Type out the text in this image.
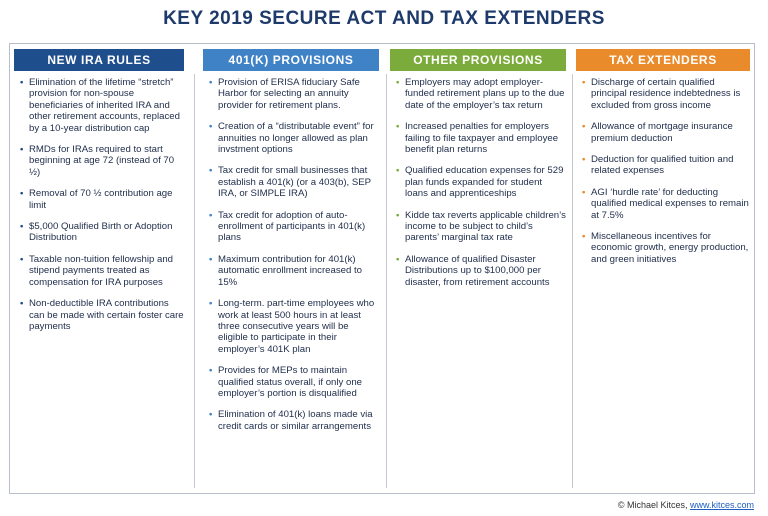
KEY 2019 SECURE ACT AND TAX EXTENDERS
NEW IRA RULES
• Elimination of the lifetime “stretch” provision for non-spouse beneficiaries of inherited IRA and other retirement accounts, replaced by a 10-year distribution cap
• RMDs for IRAs required to start beginning at age 72 (instead of 70 ½)
• Removal of 70 ½ contribution age limit
• $5,000 Qualified Birth or Adoption Distribution
• Taxable non-tuition fellowship and stipend payments treated as compensation for IRA purposes
• Non-deductible IRA contributions can be made with certain foster care payments
401(K) PROVISIONS
• Provision of ERISA fiduciary Safe Harbor for selecting an annuity provider for retirement plans.
• Creation of a “distributable event” for annuities no longer allowed as plan invstment options
• Tax credit for small businesses that establish a 401(k) (or a 403(b), SEP IRA, or SIMPLE IRA)
• Tax credit for adoption of auto-enrollment of participants in 401(k) plans
• Maximum contribution for 401(k) automatic enrollment increased to 15%
• Long-term. part-time employees who work at least 500 hours in at least three consecutive years will be eligible to participate in their employer’s 401K plan
• Provides for MEPs to maintain qualified status overall, if only one employer’s portion is disqualified
• Elimination of 401(k) loans made via credit cards or similar arrangements
OTHER PROVISIONS
• Employers may adopt employer-funded retirement plans up to the due date of the employer’s tax return
• Increased penalties for employers failing to file taxpayer and employee benefit plan returns
• Qualified education expenses for 529 plan funds expanded for student loans and apprenticeships
• Kidde tax reverts applicable children’s income to be subject to child’s parents’ marginal tax rate
• Allowance of qualified Disaster Distributions up to $100,000 per disaster, from retirement accounts
TAX EXTENDERS
• Discharge of certain qualified principal residence indebtedness is excluded from gross income
• Allowance of mortgage insurance premium deduction
• Deduction for qualified tuition and related expenses
• AGI ‘hurdle rate’ for deducting qualified medical expenses to remain at 7.5%
• Miscellaneous incentives for economic growth, energy production, and green initiatives
© Michael Kitces, www.kitces.com
